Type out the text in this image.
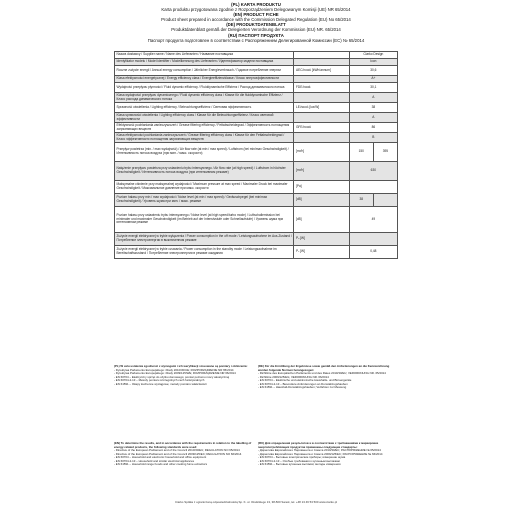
(PL) KARTA PRODUKTU
Karta produktu przygotowana zgodnie z Rozporządzeniem Delegowanym Komisji (UE) NR 65/2014
(EN) PRODUCT FICHE
Product sheet prepared in accordance with the Commission Delegated Regulation (EU) No 65/2014
(DE) PRODUKTDATENBLATT
Produktdatenblatt gemäß der Delegierten Verordnung der Kommission (EU) NR. 65/2014
(RU) ПАСПОРТ ПРОДУКТА
Паспорт продукта подготовлен в соответствии с Распоряжением Делегированной Комиссии (ЕС) № 65/2014
Nazwa dostawcy / Supplier name / Name des Lieferanten / Название поставщика		Ciarko Design	
Identyfikator modelu / Model identifier / Modellkennung des Lieferanten / Идентификатор модели поставщика		Icon	
Roczne zużycie energii / Annual energy consumption / Jährlicher Energieverbrauch / Годовое потребление энергии	AEC₍hood₎ [kWh/annum]	30,6	
Klasa efektywności energetycznej / Energy efficiency class / Energieeffizienzklasse / Класс энергоэффективности		A+	
Wydajność przepływu płynności / Fluid dynamic efficiency / Fluiddynamische Effizienz / Расход динамического потока	FDE₍hood₎	30,1	
Klasa wydajności przepływu dynamicznego / Fluid dynamic efficiency class / Klasse für die fluiddynamische Effizienz / Класс расхода динамического потока		A	
Sprawność oświetlenia / Lighting efficiency / Beleuchtungseffizienz / Световая эффективность	LE₍hood₎ [lux/W]	38	
Klasa sprawności oświetlenia / Lighting efficiency class / Klasse für die Beleuchtungseffizienz / Класс световой эффективности		A	
Efektywność pochłaniania zanieczyszczeń / Grease filtering efficiency / Fettabscheidegrad / Эффективность поглощения загрязняющих веществ	GFE₍hood₎	86	
Klasa efektywności pochłaniania zanieczyszczeń / Grease filtering efficiency class / Klasse für den Fettabscheidegrad / Класс эффективности поглощения загрязняющих веществ		B	
Przepływ powietrza (min. / max wydajność) / Air flow rate (at min / max speed) / Luftstrom (bei min/max Geschwindigkeit) / Интенсивность потока воздуха (при мин. / макс. скорости)	[m³/h]	150	395
Natężenie przepływu powietrza przy ustawieniu trybu intensywnego / Air flow rate (at high speed) / Luftstrom in höchster Geschwindigkeit / Интенсивность потока воздуха (при интенсивном режиме)	[m³/h]	630	
Maksymalne ciśnienie przy maksymalnej wydajności / Maximum pressure at max speed / Maximaler Druck bei maximaler Geschwindigkeit / Максимальное давление при макс. скорости	[Pa]		
Poziom hałasu przy min / max wydajności / Noise level (at min / max speed) / Geräuschpegel (bei min/max Geschwindigkeit) / Уровень шума при мин. / макс. режиме	[dB]	38	
Poziom hałasu przy ustawieniu trybu intensywnego / Noise level (at high speed/turbo mode) / Luftschallemission bei minimaler und maximaler Geschwindigkeit (im Betrieb auf der Intensivstufe oder Schnellaufstufe) / Уровень шума при интенсивном режиме	[dB]	49	
Zużycie energii elektrycznej w trybie wyłączenia / Power consumption in the off mode / Leistungsaufnahme im Aus-Zustand / Потребление электроэнергии в выключенном режиме	Pₒ [W]		
Zużycie energii elektrycznej w trybie czuwania / Power consumption in the standby mode / Leistungsaufnahme im Bereitschaftszustand / Потребление электроэнергии в режиме ожидания	Pₛ [W]	0,48	

(PL) W celu ustalenia zgodności z wymogami i ich weryfikacji stosowane są pomiary i obliczenia:

- Dyrektywa Parlamentu Europejskiego i Rady 2010/30/UE; ROZPORZĄDZENIE NR 65/2014

- Dyrektywa Parlamentu Europejskiego i Rady 2009/125/WE; ROZPORZĄDZENIE NR 66/2014

- EN 60704 – Elektryczny sprzęt do użytku domowego; pomiar poziomu mocy akustycznej

- EN 60704-2-13 – Metody pomiaru szczególnych cech funkcjonalnych

- EN 61591 – Okapy kuchenne wyciągowe; metody pomiaru właściwości

(DE) Für die Ermittlung der Ergebnisse sowie gemäß den Anforderungen an die Kennzeichnung wurden folgende Normen herangezogen:

- Richtlinie des Europäischen Parlaments und des Rates 2010/30/EU; VERORDNUNG NR. 65/2014

- Richtlinie 2009/125/EG; VERORDNUNG NR. 66/2014

- EN 60704 – Elektrische und elektronische Haushalts- und Büroergeräte

- EN 60704-2-13 – Besondere Anforderungen an Dunstabzugshauben

- EN 61591 – Haushalt-Dunstabzugshauben; Verfahren zur Messung

(EN) To determine the results, and in accordance with the requirements in relation to the labelling of energy-related products, the following standards were used:

- Directive of the European Parliament and of the Council 2010/30/EU; REGULATION NO 65/2014

- Directive of the European Parliament and of the Council 2009/125/EC; REGULATION NO 66/2014

- EN 60704 – Household and electronic household and office equipment

- EN 60704-2-13 – Household and similar electrical appliances

- EN 61591 – Household range hoods and other cooking fume extractors

(RU) Для определения результатов и в соответствии с требованиями к маркировке энергопотребляющих продуктов применены следующие стандарты:

- Директива Европейского Парламента и Совета 2010/30/ЕС; РАСПОРЯЖЕНИЕ № 65/2014

- Директива Европейского Парламента и Совета 2009/125/ЕС; РАСПОРЯЖЕНИЕ № 66/2014

- EN 60704 – Бытовые электрические приборы; измерение шума

- EN 60704-2-13 – Особые требования к кухонным вытяжкам

- EN 61591 – Бытовые кухонные вытяжки; методы измерения

Ciarko Spółka z ograniczoną odpowiedzialnością Sp. K. ul. Okulickiego 13, 38-500 Sanok, tel. +48 13 46 53 500 www.ciarko.pl
